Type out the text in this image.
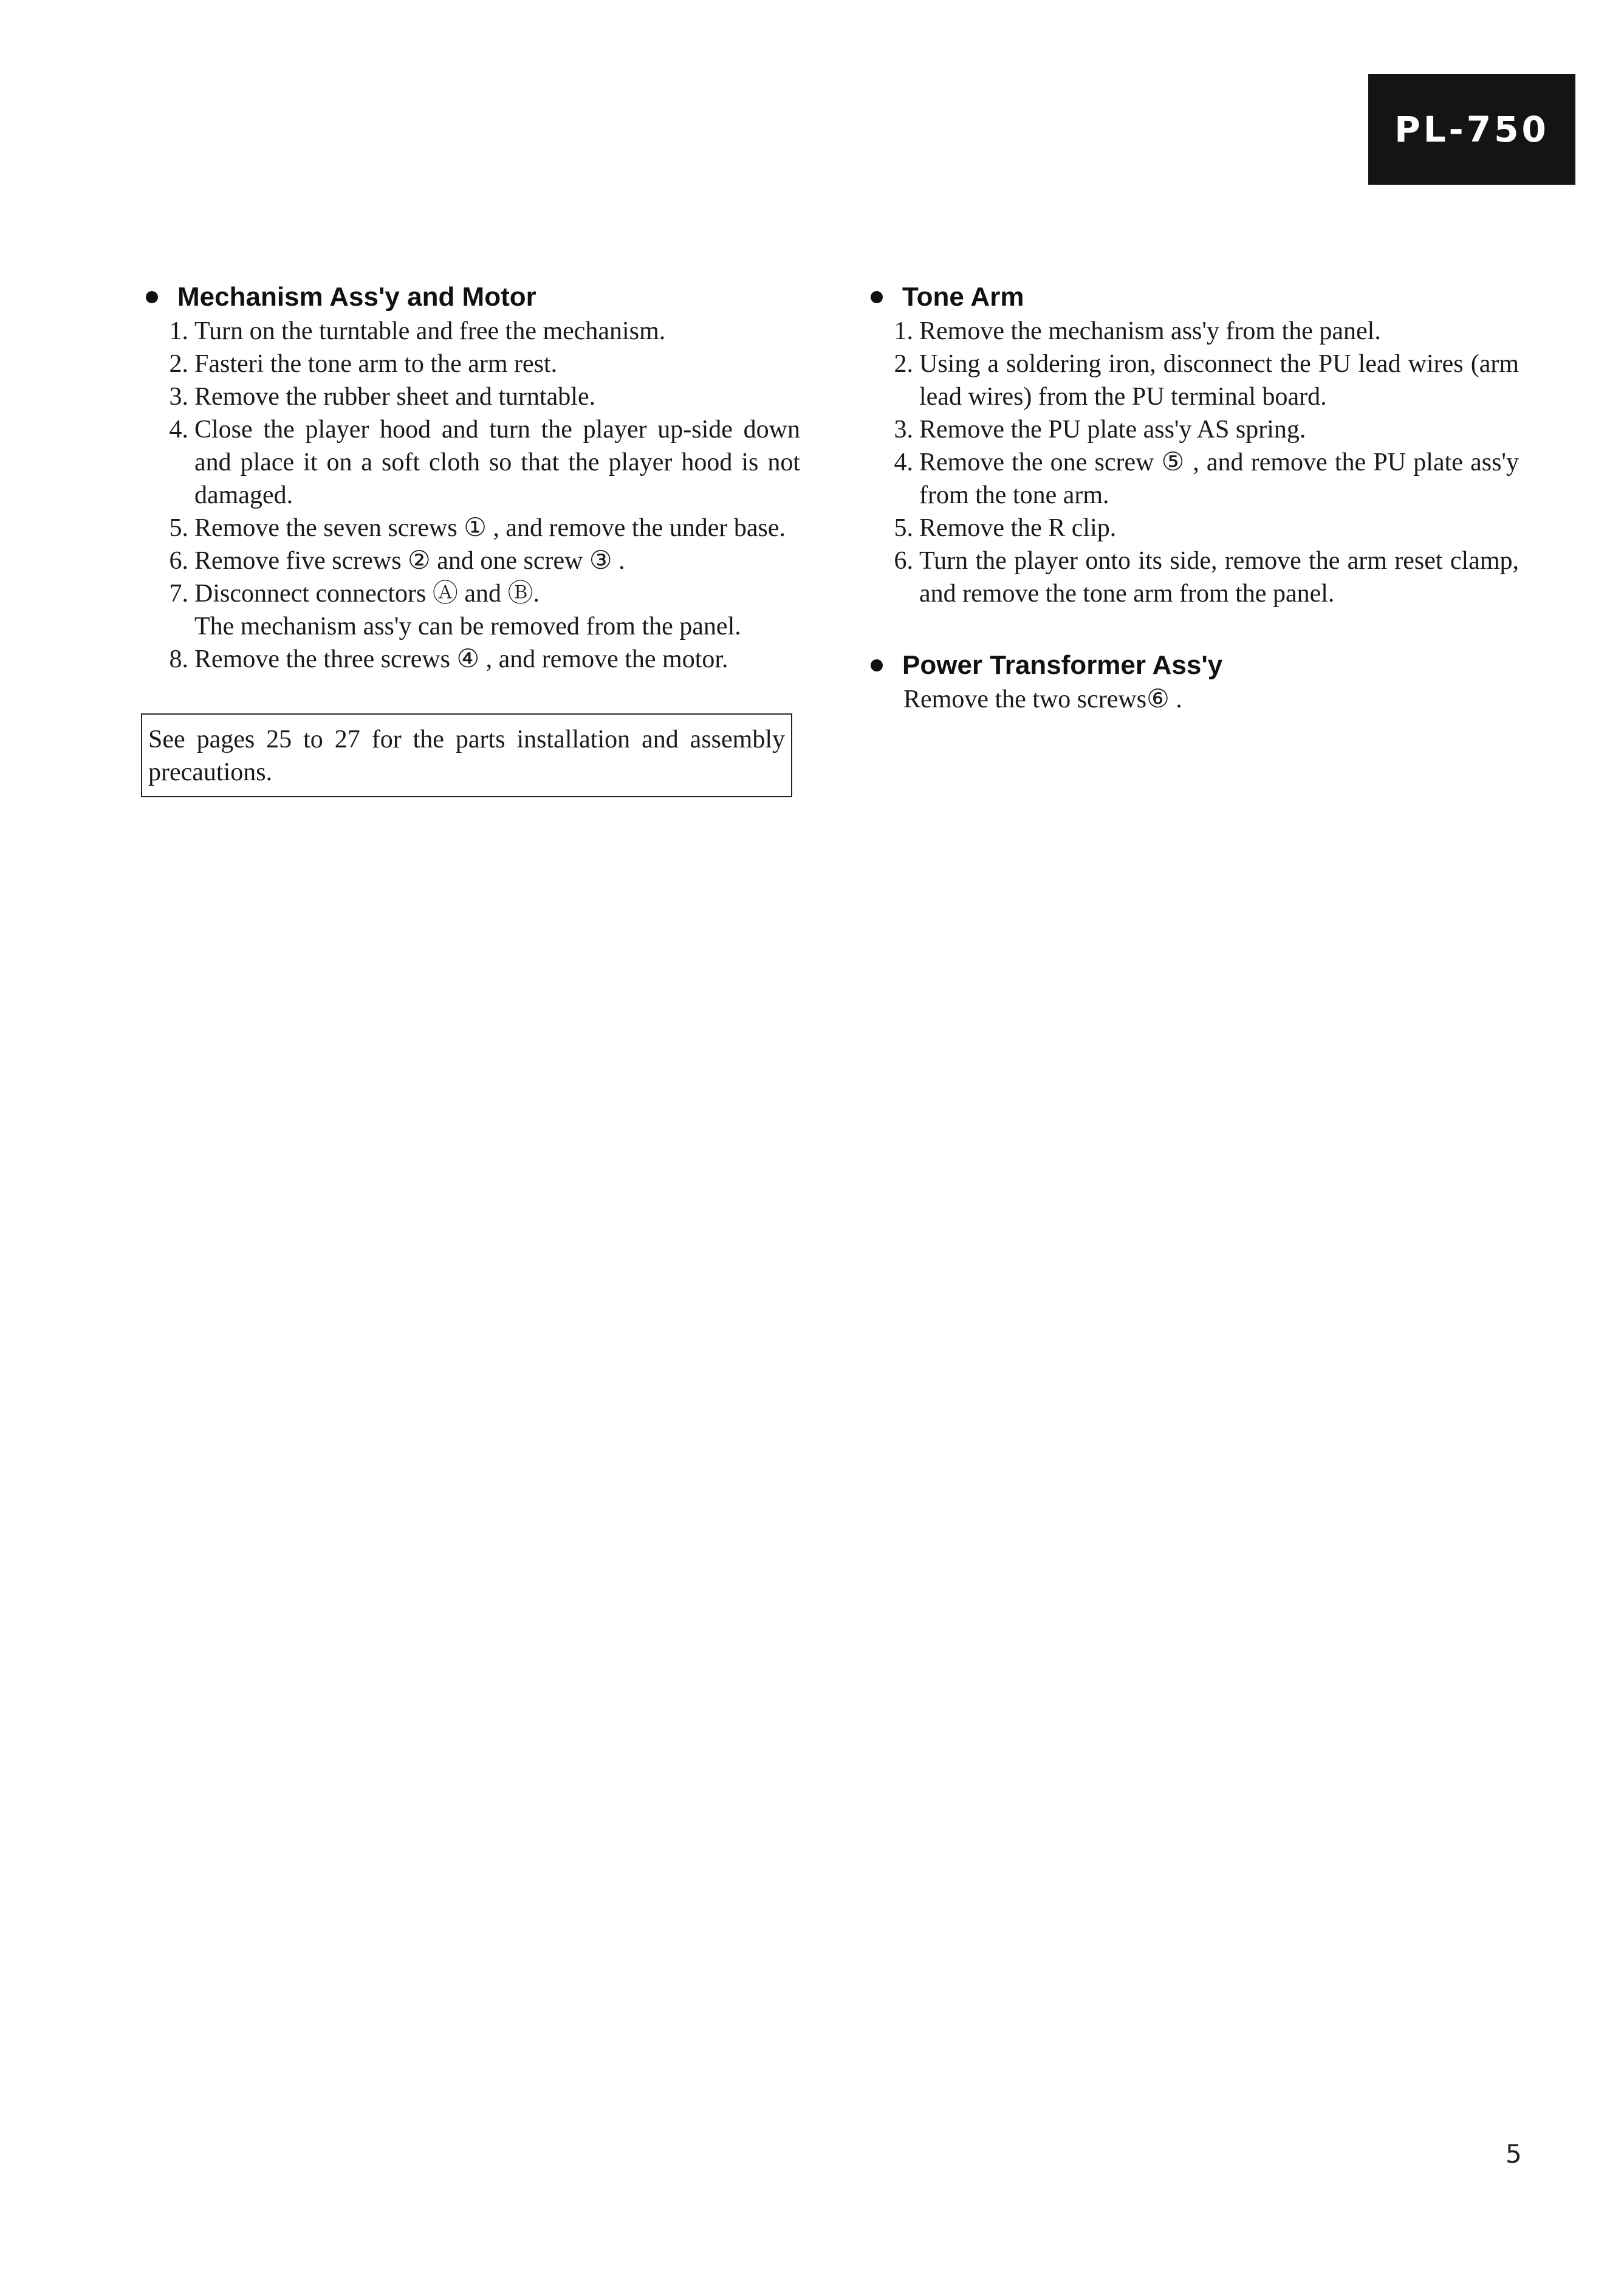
PL-750
Mechanism Ass'y and Motor
1. Turn on the turntable and free the mechanism.
2. Fasteri the tone arm to the arm rest.
3. Remove the rubber sheet and turntable.
4. Close the player hood and turn the player up-side down and place it on a soft cloth so that the player hood is not damaged.
5. Remove the seven screws ① , and remove the under base.
6. Remove five screws ② and one screw ③ .
7. Disconnect connectors Ⓐ and Ⓑ.
The mechanism ass'y can be removed from the panel.
8. Remove the three screws ④ , and remove the motor.
See pages 25 to 27 for the parts installation and assembly precautions.
Tone Arm
1. Remove the mechanism ass'y from the panel.
2. Using a soldering iron, disconnect the PU lead wires (arm lead wires) from the PU terminal board.
3. Remove the PU plate ass'y AS spring.
4. Remove the one screw ⑤ , and remove the PU plate ass'y from the tone arm.
5. Remove the R clip.
6. Turn the player onto its side, remove the arm reset clamp, and remove the tone arm from the panel.
Power Transformer Ass'y
Remove the two screws⑥ .
5
